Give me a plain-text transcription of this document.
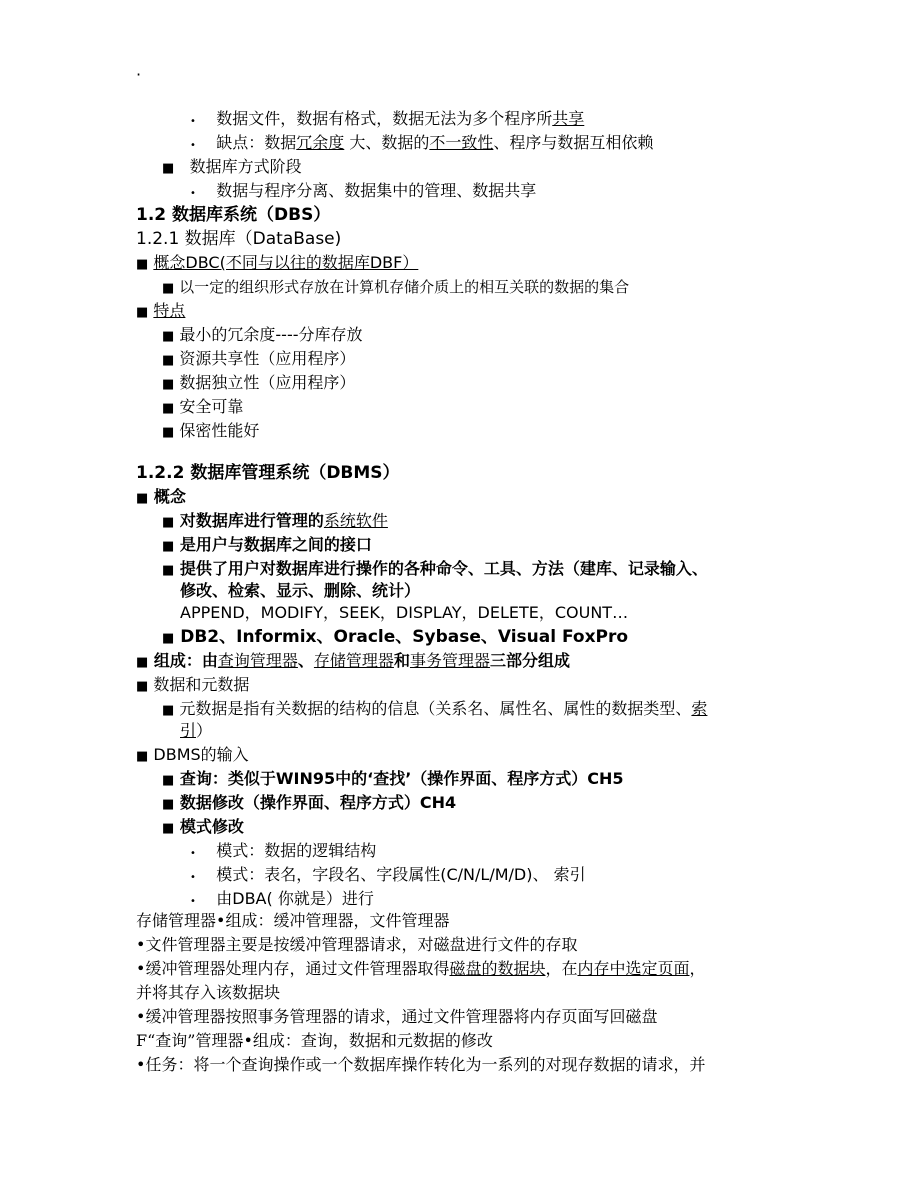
·
• 数据文件，数据有格式，数据无法为多个程序所共享
• 缺点：数据冗余度 大、数据的不一致性、程序与数据互相依赖
■ 数据库方式阶段
• 数据与程序分离、数据集中的管理、数据共享
1.2 数据库系统（DBS）
1.2.1 数据库（DataBase)
■ 概念DBC(不同与以往的数据库DBF）
■ 以一定的组织形式存放在计算机存储介质上的相互关联的数据的集合
■ 特点
■ 最小的冗余度----分库存放
■ 资源共享性（应用程序）
■ 数据独立性（应用程序）
■ 安全可靠
■ 保密性能好
1.2.2 数据库管理系统（DBMS）
■ 概念
■ 对数据库进行管理的系统软件
■ 是用户与数据库之间的接口
■ 提供了用户对数据库进行操作的各种命令、工具、方法（建库、记录输入、
修改、检索、显示、删除、统计）
APPEND，MODIFY，SEEK，DISPLAY，DELETE，COUNT…
■ DB2、Informix、Oracle、Sybase、Visual FoxPro
■ 组成：由查询管理器、存储管理器和事务管理器三部分组成
■ 数据和元数据
■ 元数据是指有关数据的结构的信息（关系名、属性名、属性的数据类型、索
引）
■ DBMS的输入
■ 查询：类似于WIN95中的‘查找’（操作界面、程序方式）CH5
■ 数据修改（操作界面、程序方式）CH4
■ 模式修改
• 模式：数据的逻辑结构
• 模式：表名，字段名、字段属性(C/N/L/M/D)、 索引
• 由DBA( 你就是）进行
存储管理器•组成：缓冲管理器，文件管理器
•文件管理器主要是按缓冲管理器请求，对磁盘进行文件的存取
•缓冲管理器处理内存，通过文件管理器取得磁盘的数据块，在内存中选定页面，
并将其存入该数据块
•缓冲管理器按照事务管理器的请求，通过文件管理器将内存页面写回磁盘
F“查询”管理器•组成：查询，数据和元数据的修改
•任务：将一个查询操作或一个数据库操作转化为一系列的对现存数据的请求，并
